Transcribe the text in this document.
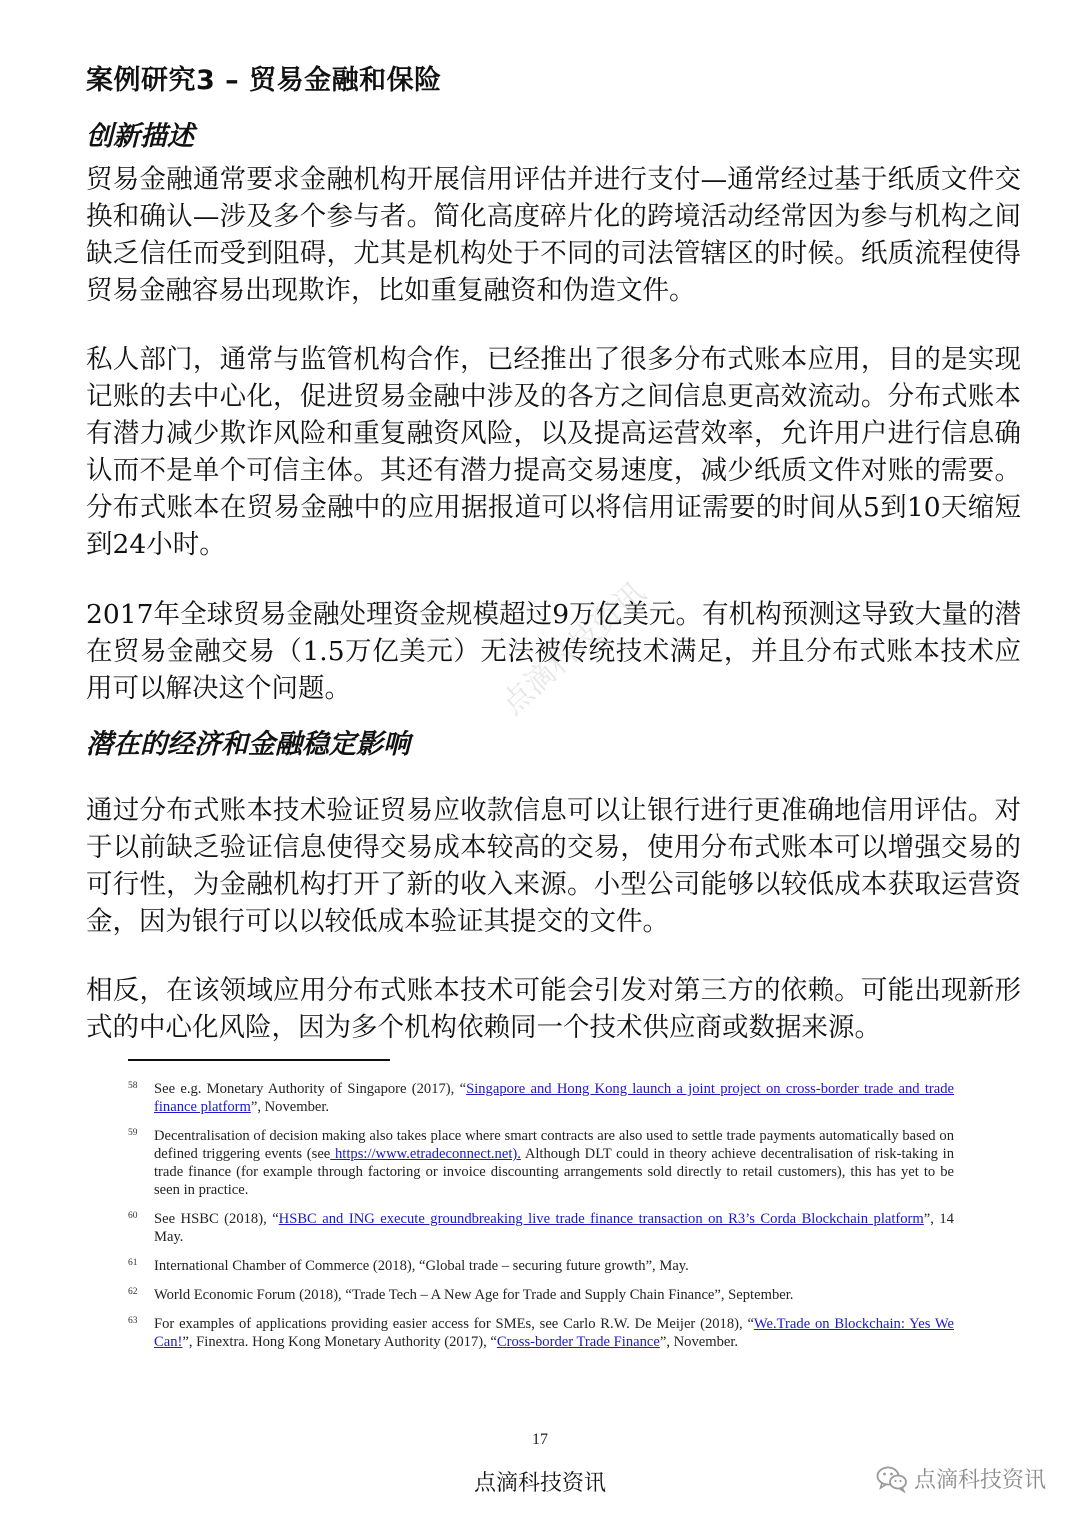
点滴科技资讯
案例研究3 – 贸易金融和保险
创新描述

贸易金融通常要求金融机构开展信用评估并进行支付—通常经过基于纸质文件交换和确认—涉及多个参与者。简化高度碎片化的跨境活动经常因为参与机构之间缺乏信任而受到阻碍，尤其是机构处于不同的司法管辖区的时候。纸质流程使得贸易金融容易出现欺诈，比如重复融资和伪造文件。

私人部门，通常与监管机构合作，已经推出了很多分布式账本应用，目的是实现记账的去中心化，促进贸易金融中涉及的各方之间信息更高效流动。分布式账本有潜力减少欺诈风险和重复融资风险，以及提高运营效率，允许用户进行信息确认而不是单个可信主体。其还有潜力提高交易速度，减少纸质文件对账的需要。分布式账本在贸易金融中的应用据报道可以将信用证需要的时间从5到10天缩短到24小时。

2017年全球贸易金融处理资金规模超过9万亿美元。有机构预测这导致大量的潜在贸易金融交易（1.5万亿美元）无法被传统技术满足，并且分布式账本技术应用可以解决这个问题。

潜在的经济和金融稳定影响

通过分布式账本技术验证贸易应收款信息可以让银行进行更准确地信用评估。对于以前缺乏验证信息使得交易成本较高的交易，使用分布式账本可以增强交易的可行性，为金融机构打开了新的收入来源。小型公司能够以较低成本获取运营资金，因为银行可以以较低成本验证其提交的文件。

相反，在该领域应用分布式账本技术可能会引发对第三方的依赖。可能出现新形式的中心化风险，因为多个机构依赖同一个技术供应商或数据来源。

58 See e.g. Monetary Authority of Singapore (2017), “Singapore and Hong Kong launch a joint project on cross-border trade and trade finance platform”, November.

59 Decentralisation of decision making also takes place where smart contracts are also used to settle trade payments automatically based on defined triggering events (see https://www.etradeconnect.net). Although DLT could in theory achieve decentralisation of risk-taking in trade finance (for example through factoring or invoice discounting arrangements sold directly to retail customers), this has yet to be seen in practice.

60 See HSBC (2018), “HSBC and ING execute groundbreaking live trade finance transaction on R3’s Corda Blockchain platform”, 14 May.

61 International Chamber of Commerce (2018), “Global trade – securing future growth”, May.

62 World Economic Forum (2018), “Trade Tech – A New Age for Trade and Supply Chain Finance”, September.

63 For examples of applications providing easier access for SMEs, see Carlo R.W. De Meijer (2018), “We.Trade on Blockchain: Yes We Can!”, Finextra. Hong Kong Monetary Authority (2017), “Cross-border Trade Finance”, November.

17
点滴科技资讯	点滴科技资讯
